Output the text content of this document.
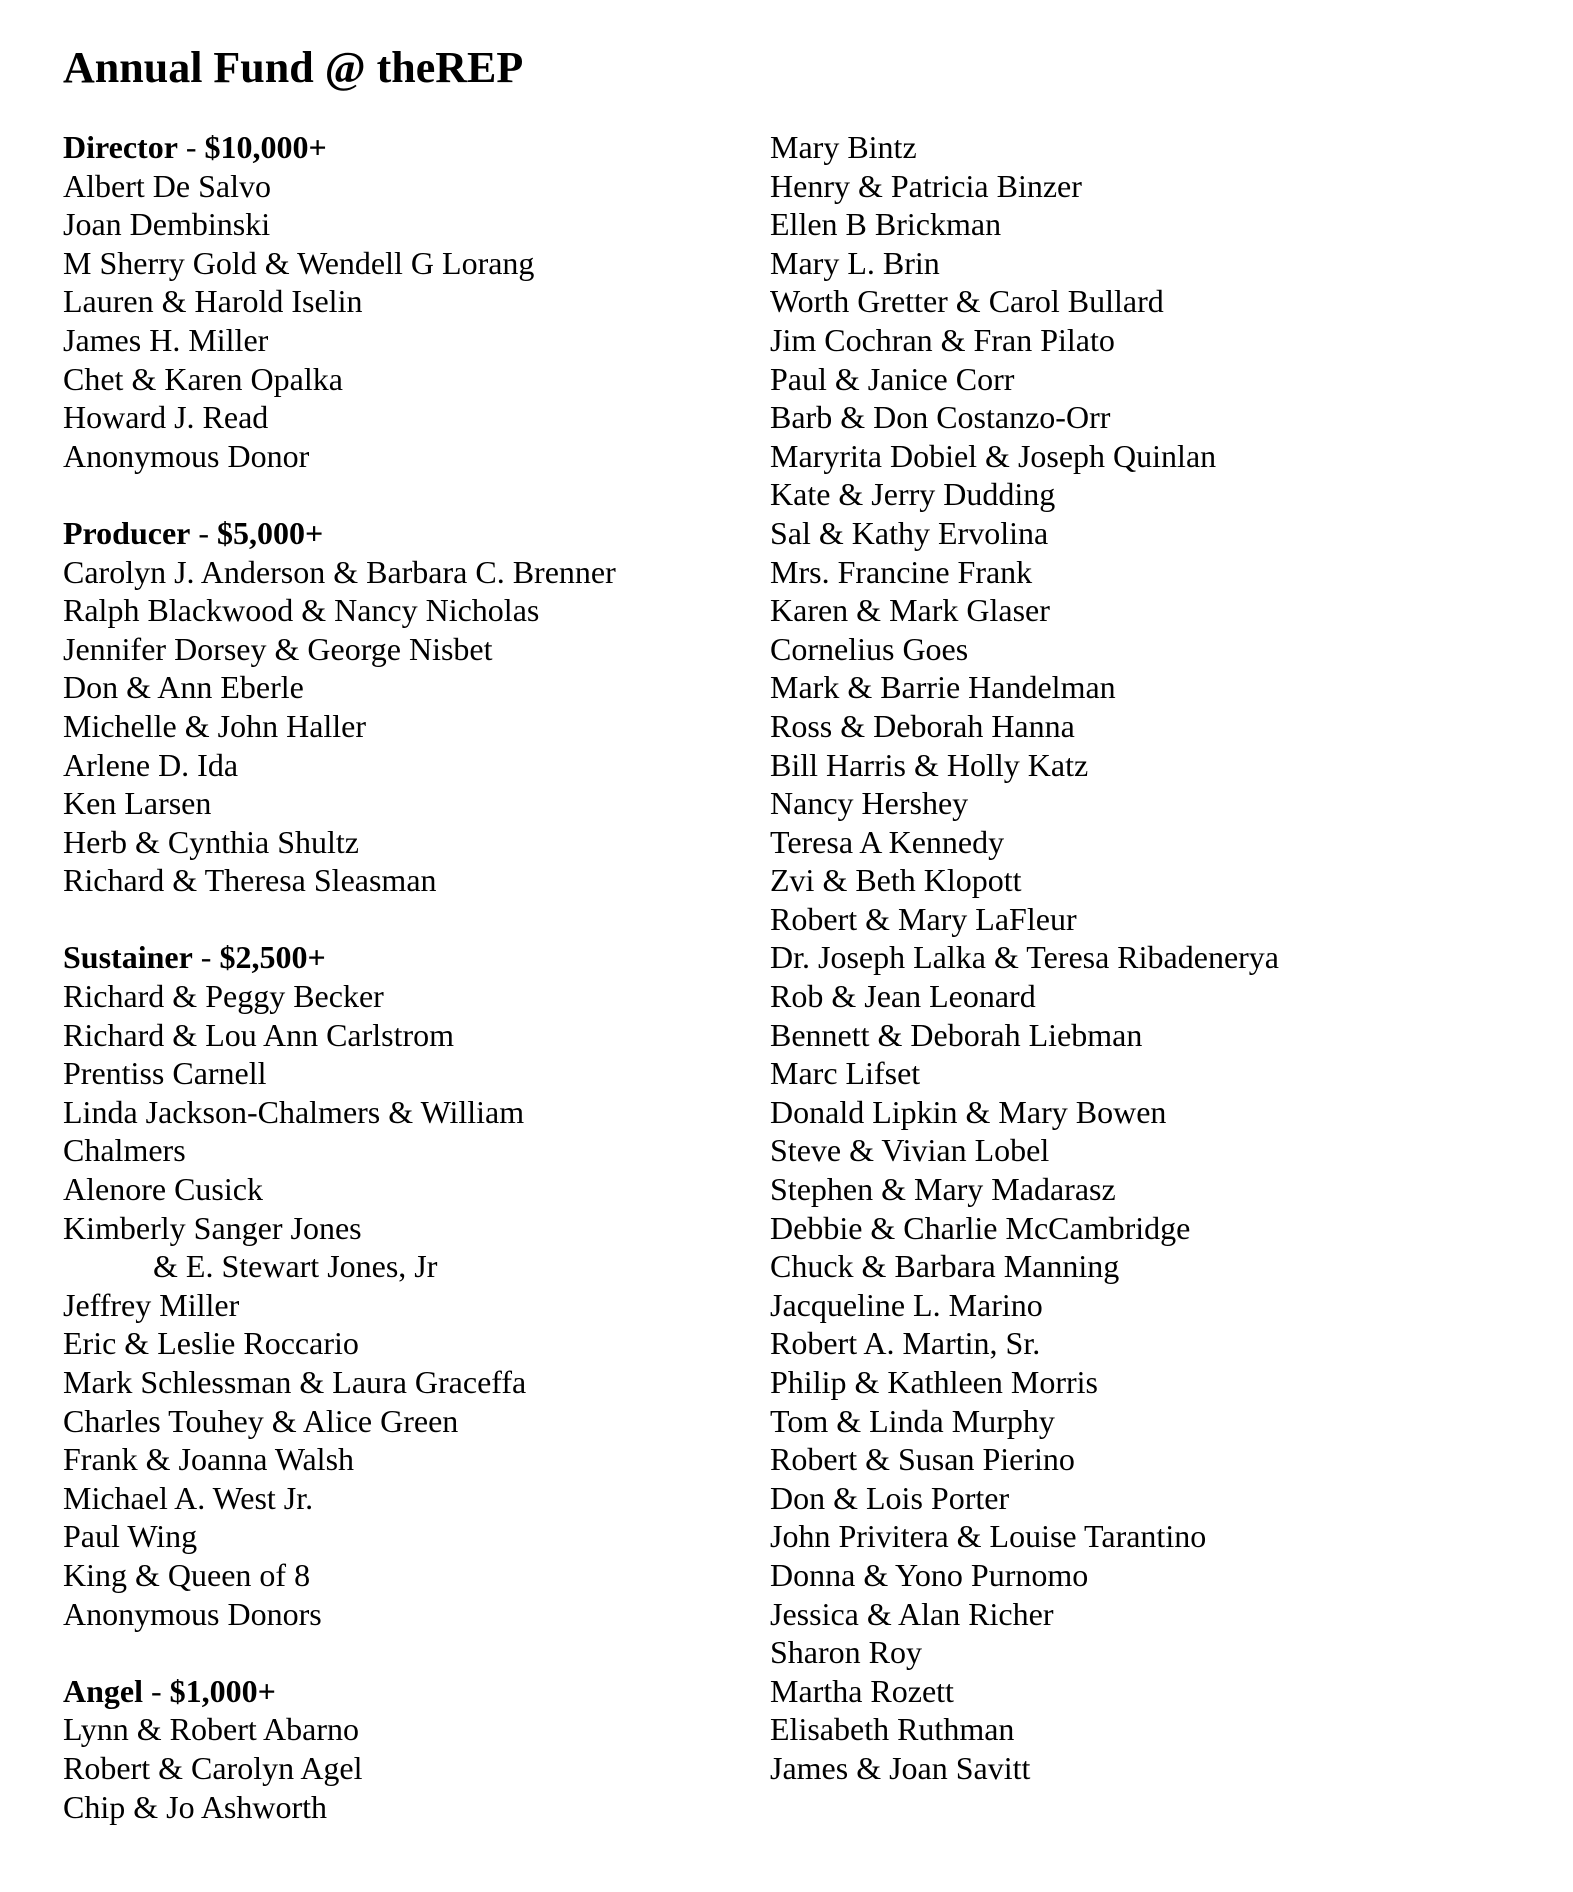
Annual Fund @ theREP
Director - $10,000+
Albert De Salvo
Joan Dembinski
M Sherry Gold & Wendell G Lorang
Lauren & Harold Iselin
James H. Miller
Chet & Karen Opalka
Howard J. Read
Anonymous Donor

Producer - $5,000+
Carolyn J. Anderson & Barbara C. Brenner
Ralph Blackwood & Nancy Nicholas
Jennifer Dorsey & George Nisbet
Don & Ann Eberle
Michelle & John Haller
Arlene D. Ida
Ken Larsen
Herb & Cynthia Shultz
Richard & Theresa Sleasman

Sustainer - $2,500+
Richard & Peggy Becker
Richard & Lou Ann Carlstrom
Prentiss Carnell
Linda Jackson-Chalmers & William
Chalmers
Alenore Cusick
Kimberly Sanger Jones
& E. Stewart Jones, Jr
Jeffrey Miller
Eric & Leslie Roccario
Mark Schlessman & Laura Graceffa
Charles Touhey & Alice Green
Frank & Joanna Walsh
Michael A. West Jr.
Paul Wing
King & Queen of 8
Anonymous Donors

Angel - $1,000+
Lynn & Robert Abarno
Robert & Carolyn Agel
Chip & Jo Ashworth
Mary Bintz
Henry & Patricia Binzer
Ellen B Brickman
Mary L. Brin
Worth Gretter & Carol Bullard
Jim Cochran & Fran Pilato
Paul & Janice Corr
Barb & Don Costanzo-Orr
Maryrita Dobiel & Joseph Quinlan
Kate & Jerry Dudding
Sal & Kathy Ervolina
Mrs. Francine Frank
Karen & Mark Glaser
Cornelius Goes
Mark & Barrie Handelman
Ross & Deborah Hanna
Bill Harris & Holly Katz
Nancy Hershey
Teresa A Kennedy
Zvi & Beth Klopott
Robert & Mary LaFleur
Dr. Joseph Lalka & Teresa Ribadenerya
Rob & Jean Leonard
Bennett & Deborah Liebman
Marc Lifset
Donald Lipkin & Mary Bowen
Steve & Vivian Lobel
Stephen & Mary Madarasz
Debbie & Charlie McCambridge
Chuck & Barbara Manning
Jacqueline L. Marino
Robert A. Martin, Sr.
Philip & Kathleen Morris
Tom & Linda Murphy
Robert & Susan Pierino
Don & Lois Porter
John Privitera & Louise Tarantino
Donna & Yono Purnomo
Jessica & Alan Richer
Sharon Roy
Martha Rozett
Elisabeth Ruthman
James & Joan Savitt
